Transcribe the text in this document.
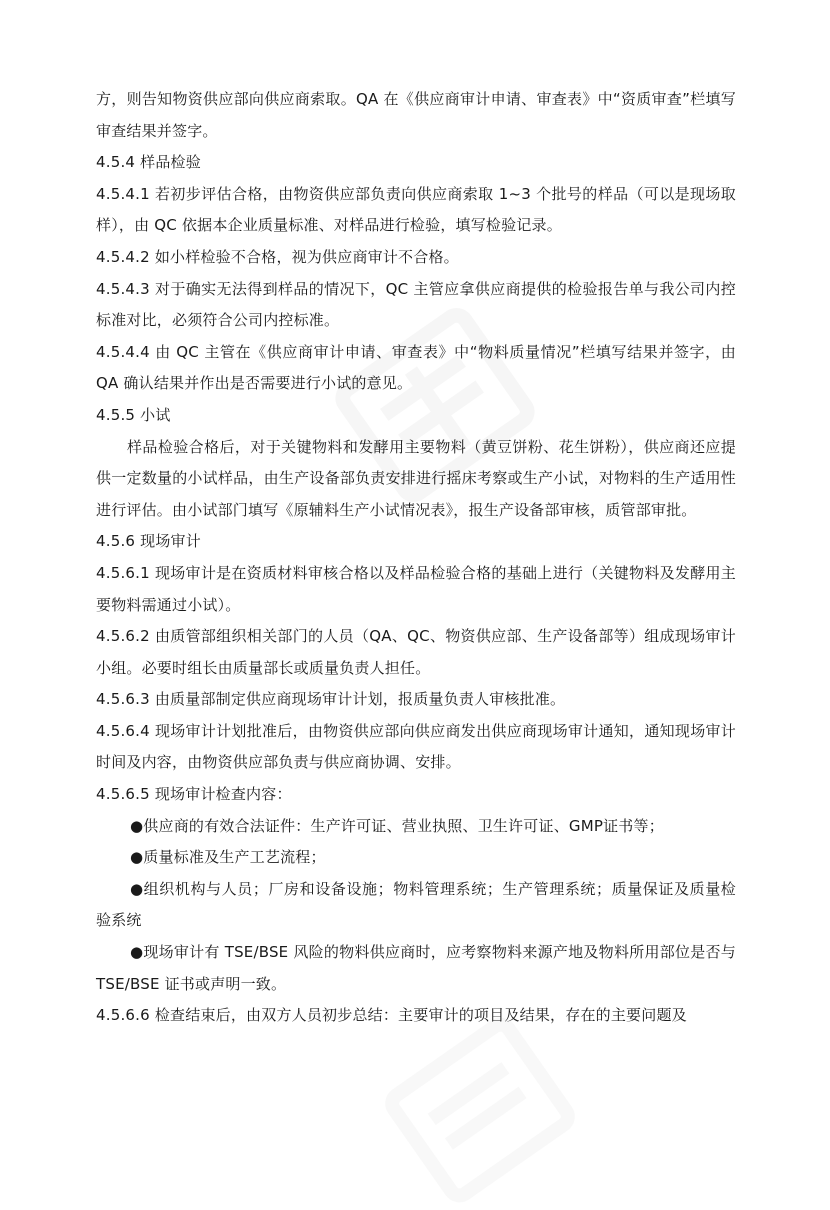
方，则告知物资供应部向供应商索取。QA 在《供应商审计申请、审查表》中“资质审查”栏填写审查结果并签字。

4.5.4 样品检验

4.5.4.1 若初步评估合格，由物资供应部负责向供应商索取 1~3 个批号的样品（可以是现场取样），由 QC 依据本企业质量标准、对样品进行检验，填写检验记录。

4.5.4.2 如小样检验不合格，视为供应商审计不合格。

4.5.4.3 对于确实无法得到样品的情况下，QC 主管应拿供应商提供的检验报告单与我公司内控标准对比，必须符合公司内控标准。

4.5.4.4 由 QC 主管在《供应商审计申请、审查表》中“物料质量情况”栏填写结果并签字，由 QA 确认结果并作出是否需要进行小试的意见。

4.5.5 小试

样品检验合格后，对于关键物料和发酵用主要物料（黄豆饼粉、花生饼粉），供应商还应提供一定数量的小试样品，由生产设备部负责安排进行摇床考察或生产小试，对物料的生产适用性进行评估。由小试部门填写《原辅料生产小试情况表》，报生产设备部审核，质管部审批。

4.5.6 现场审计

4.5.6.1 现场审计是在资质材料审核合格以及样品检验合格的基础上进行（关键物料及发酵用主要物料需通过小试）。

4.5.6.2 由质管部组织相关部门的人员（QA、QC、物资供应部、生产设备部等）组成现场审计小组。必要时组长由质量部长或质量负责人担任。

4.5.6.3 由质量部制定供应商现场审计计划，报质量负责人审核批准。

4.5.6.4 现场审计计划批准后，由物资供应部向供应商发出供应商现场审计通知，通知现场审计时间及内容，由物资供应部负责与供应商协调、安排。

4.5.6.5 现场审计检查内容：

●供应商的有效合法证件：生产许可证、营业执照、卫生许可证、GMP证书等；

●质量标准及生产工艺流程；

●组织机构与人员；厂房和设备设施；物料管理系统；生产管理系统；质量保证及质量检验系统

●现场审计有 TSE/BSE 风险的物料供应商时，应考察物料来源产地及物料所用部位是否与 TSE/BSE 证书或声明一致。

4.5.6.6 检查结束后，由双方人员初步总结：主要审计的项目及结果，存在的主要问题及
